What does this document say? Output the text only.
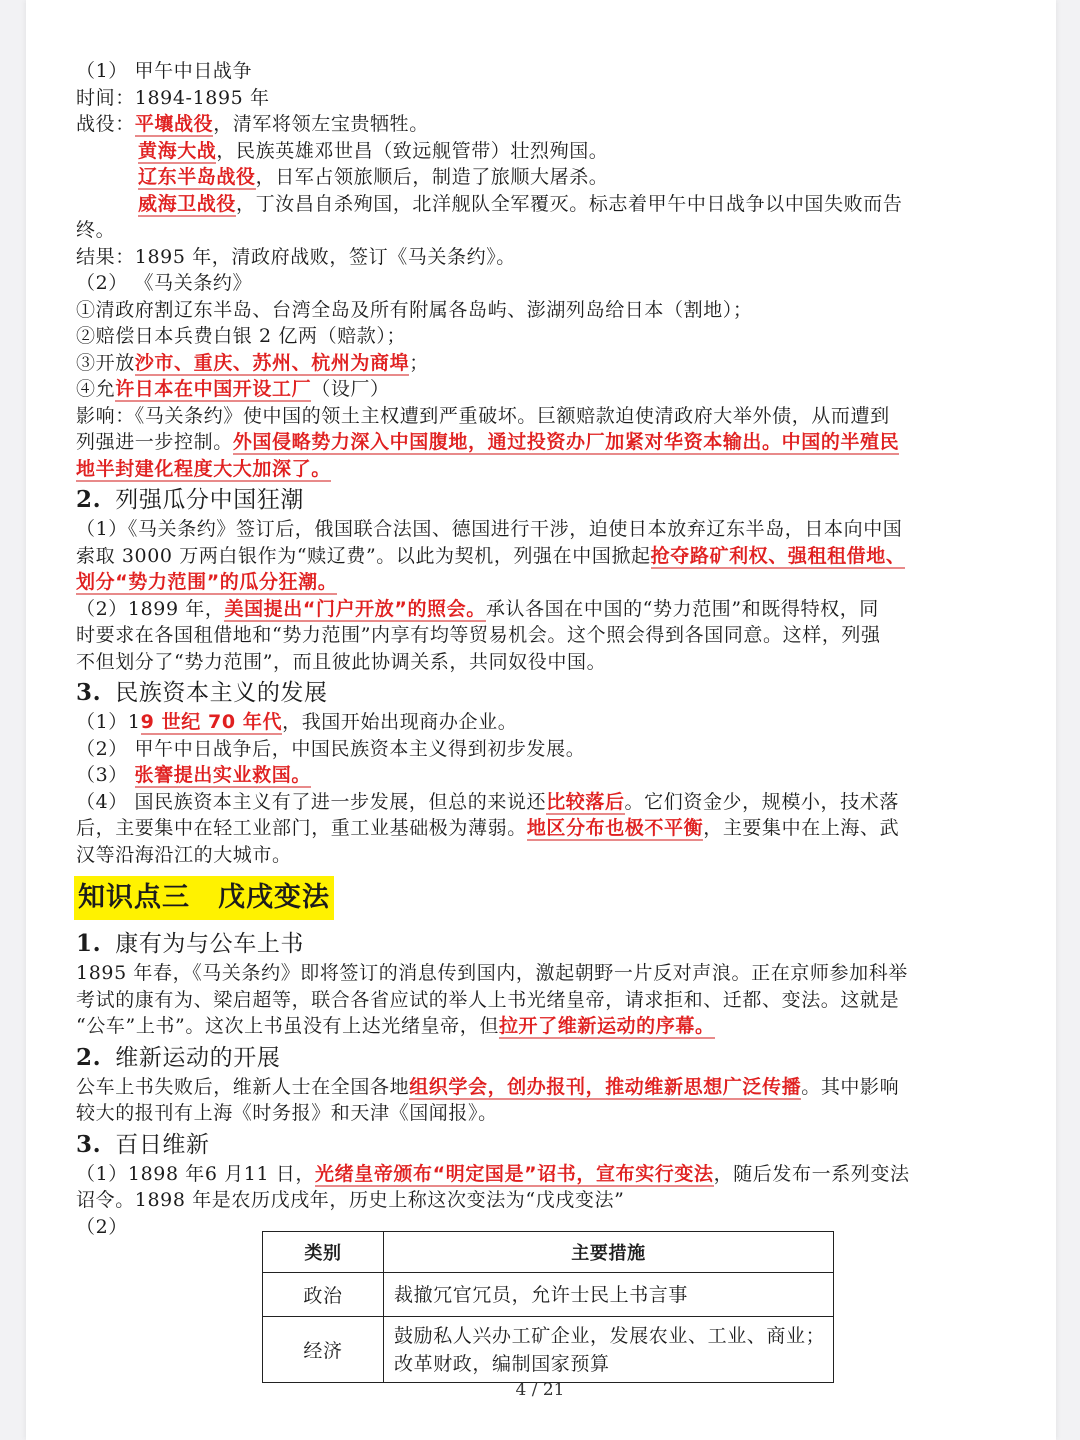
（1） 甲午中日战争
时间：1894-1895 年
战役：平壤战役，清军将领左宝贵牺牲。
黄海大战，民族英雄邓世昌（致远舰管带）壮烈殉国。
辽东半岛战役，日军占领旅顺后，制造了旅顺大屠杀。
威海卫战役，丁汝昌自杀殉国，北洋舰队全军覆灭。标志着甲午中日战争以中国失败而告
终。
结果：1895 年，清政府战败，签订《马关条约》。
（2） 《马关条约》
①清政府割辽东半岛、台湾全岛及所有附属各岛屿、澎湖列岛给日本（割地）；
②赔偿日本兵费白银 2 亿两（赔款）；
③开放沙市、重庆、苏州、杭州为商埠；
④允许日本在中国开设工厂（设厂）
影响：《马关条约》使中国的领土主权遭到严重破坏。巨额赔款迫使清政府大举外债，从而遭到
列强进一步控制。外国侵略势力深入中国腹地，通过投资办厂加紧对华资本输出。中国的半殖民
地半封建化程度大大加深了。
2. 列强瓜分中国狂潮
（1）《马关条约》签订后，俄国联合法国、德国进行干涉，迫使日本放弃辽东半岛，日本向中国
索取 3000 万两白银作为“赎辽费”。以此为契机，列强在中国掀起抢夺路矿利权、强租租借地、
划分“势力范围”的瓜分狂潮。
（2）1899 年，美国提出“门户开放”的照会。承认各国在中国的“势力范围”和既得特权，同
时要求在各国租借地和“势力范围”内享有均等贸易机会。这个照会得到各国同意。这样，列强
不但划分了“势力范围”，而且彼此协调关系，共同奴役中国。
3. 民族资本主义的发展
（1）19 世纪 70 年代，我国开始出现商办企业。
（2） 甲午中日战争后，中国民族资本主义得到初步发展。
（3） 张謇提出实业救国。
（4） 国民族资本主义有了进一步发展，但总的来说还比较落后。它们资金少，规模小，技术落
后，主要集中在轻工业部门，重工业基础极为薄弱。地区分布也极不平衡，主要集中在上海、武
汉等沿海沿江的大城市。
知识点三 戊戌变法
1. 康有为与公车上书
1895 年春，《马关条约》即将签订的消息传到国内，激起朝野一片反对声浪。正在京师参加科举
考试的康有为、梁启超等，联合各省应试的举人上书光绪皇帝，请求拒和、迁都、变法。这就是
“公车”上书”。这次上书虽没有上达光绪皇帝，但拉开了维新运动的序幕。
2. 维新运动的开展
公车上书失败后，维新人士在全国各地组织学会，创办报刊，推动维新思想广泛传播。其中影响
较大的报刊有上海《时务报》和天津《国闻报》。
3. 百日维新
（1）1898 年6 月11 日，光绪皇帝颁布“明定国是”诏书，宣布实行变法，随后发布一系列变法
诏令。1898 年是农历戊戌年，历史上称这次变法为“戊戌变法”
（2）
类别	主要措施
政治	裁撤冗官冗员，允许士民上书言事

经济	鼓励私人兴办工矿企业，发展农业、工业、商业；
改革财政，编制国家预算
4 / 21
